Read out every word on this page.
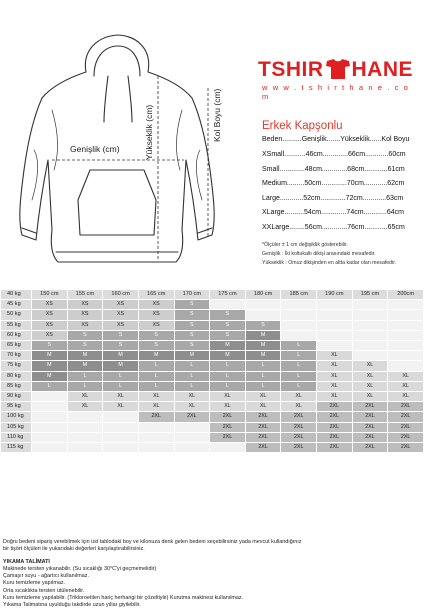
Genişlik (cm)	Yükseklik (cm)	Kol Boyu (cm)
TSHIR HANE
w w w . t s h i r t h a n e . c o m
Erkek Kapşonlu
Beden..........Genişlik.......Yükseklik......Kol Boyu
XSmall...........46cm.............66cm............60cm
Small.............48cm.............68cm............61cm
Medium.........50cm.............70cm............62cm
Large............52cm.............72cm............63cm
XLarge..........54cm.............74cm............64cm
XXLarge........56cm.............76cm............65cm
*Ölçüler ± 1 cm değişiklik gösterebilir.
Genişlik : İki koltukaltı dikişi arasındaki mesafedir.
Yükseklik : Omuz dikişinden en altta kadar olan mesafedir.
40 kg	150 cm	155 cm	160 cm	165 cm	170 cm	175 cm	180 cm	185 cm	190 cm	195 cm	200cm
45 kg	XS	XS	XS	XS	S						
50 kg	XS	XS	XS	XS	S	S					
55 kg	XS	XS	XS	XS	S	S	S				
60 kg	XS	S	S	S	S	S	M				
65 kg	S	S	S	S	S	M	M	L			
70 kg	M	M	M	M	M	M	M	L	XL		
75 kg	M	M	M	L	L	L	L	L	XL	XL	
80 kg	M	L	L	L	L	L	L	L	XL	XL	XL
85 kg	L	L	L	L	L	L	L	L	XL	XL	XL
90 kg		XL	XL	XL	XL	XL	XL	XL	XL	XL	XL
95 kg		XL	XL	XL	XL	XL	XL	XL	2XL	2XL	2XL
100 kg				2XL	2XL	2XL	2XL	2XL	2XL	2XL	2XL
105 kg						2XL	2XL	2XL	2XL	2XL	2XL
110 kg						2XL	2XL	2XL	2XL	2XL	2XL
115 kg							2XL	2XL	2XL	2XL	2XL
Doğru bedeni sipariş verebilmek için üst tablodaki boy ve kilonuza denk gelen bedeni seçebilirsiniz yada mevcut kullandığınız
bir tişört ölçüleri ile yukarıdaki değerleri karşılaştırabilirsiniz.
YIKAMA TALİMATI
Makinede tersten yıkanabilir. (Su sıcaklığı 30°C'yi geçmemelidir)
Çamaşır suyu - ağartıcı kullanılmaz.
Kuru temizleme yapılmaz.
Orta sıcaklıkta tersten ütülenebilir.
Kuru temizleme yapılabilir. (Trikloroetilen hariç herhangi bir çözeltiyle) Kurutma makinesi kullanılmaz.
Yıkama Talimatına uyulduğu takdirde uzun yıllar giyilebilir.
